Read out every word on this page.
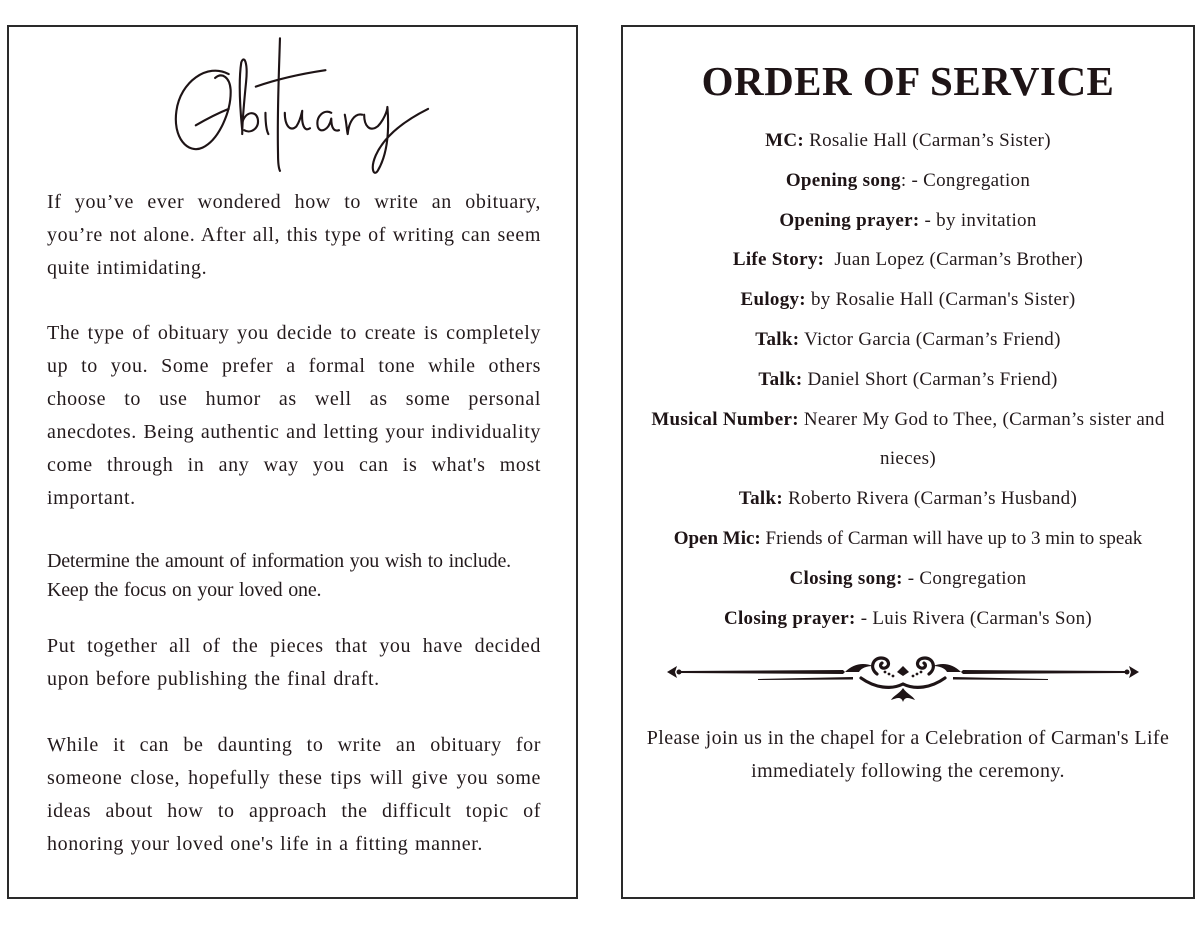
If you’ve ever wondered how to write an obituary, you’re not alone. After all, this type of writing can seem quite intimidating.

The type of obituary you decide to create is completely up to you. Some prefer a formal tone while others choose to use humor as well as some personal anecdotes. Being authentic and letting your individuality come through in any way you can is what's most important.

Determine the amount of information you wish to include. Keep the focus on your loved one.

Put together all of the pieces that you have decided upon before publishing the final draft.

While it can be daunting to write an obituary for someone close, hopefully these tips will give you some ideas about how to approach the difficult topic of honoring your loved one's life in a fitting manner.

ORDER OF SERVICE
MC: Rosalie Hall (Carman’s Sister)
Opening song: - Congregation
Opening prayer: - by invitation
Life Story:  Juan Lopez (Carman’s Brother)
Eulogy: by Rosalie Hall (Carman's Sister)
Talk: Victor Garcia (Carman’s Friend)
Talk: Daniel Short (Carman’s Friend)
Musical Number: Nearer My God to Thee, (Carman’s sister and nieces)
Talk: Roberto Rivera (Carman’s Husband)
Open Mic: Friends of Carman will have up to 3 min to speak
Closing song: - Congregation
Closing prayer: - Luis Rivera (Carman's Son)

Please join us in the chapel for a Celebration of Carman's Life immediately following the ceremony.
